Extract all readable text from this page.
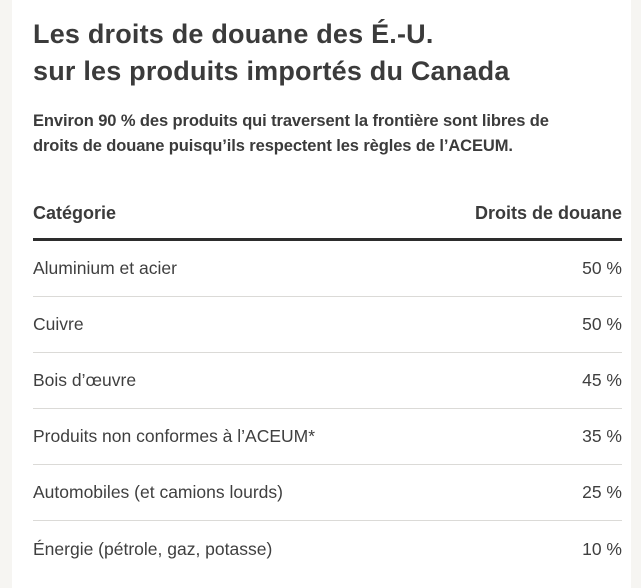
Les droits de douane des É.-U.
sur les produits importés du Canada

Environ 90 % des produits qui traversent la frontière sont libres de
droits de douane puisqu’ils respectent les règles de l’ACEUM.

Catégorie	Droits de douane
Aluminium et acier	50 %
Cuivre	50 %
Bois d’œuvre	45 %
Produits non conformes à l’ACEUM*	35 %
Automobiles (et camions lourds)	25 %
Énergie (pétrole, gaz, potasse)	10 %
